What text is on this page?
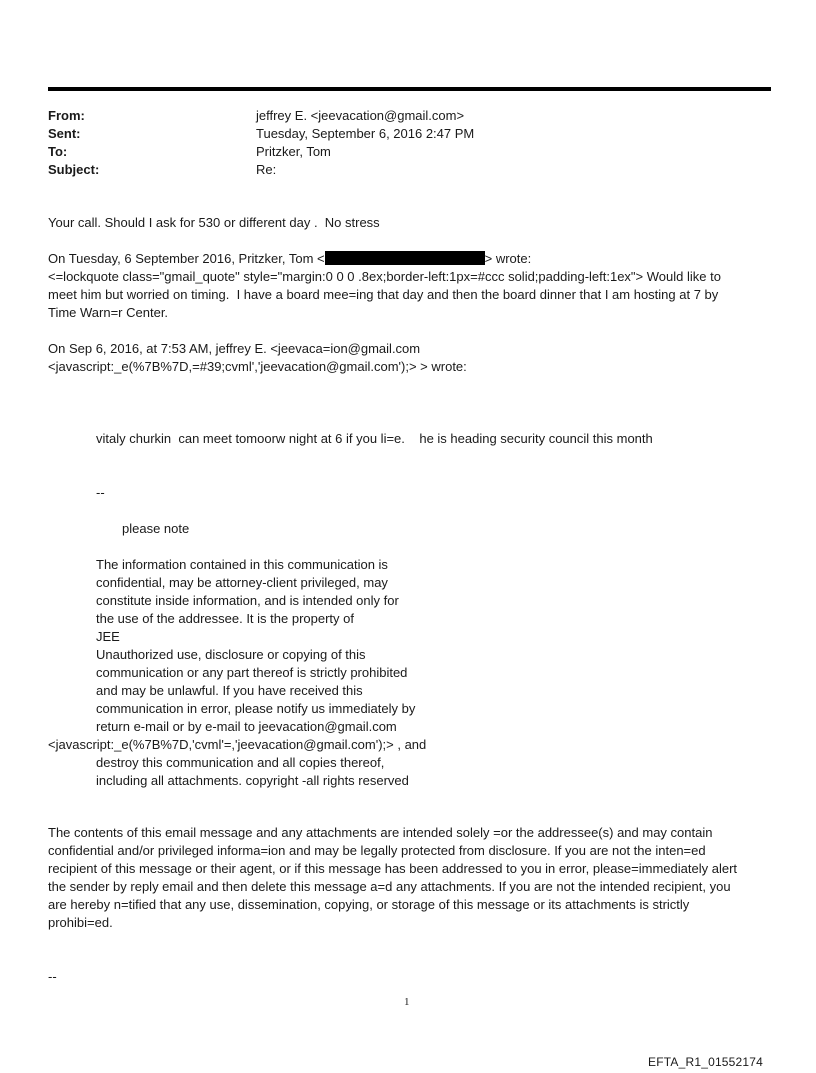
From:	jeffrey E. <jeevacation@gmail.com>
Sent:	Tuesday, September 6, 2016 2:47 PM
To:	Pritzker, Tom
Subject:	Re:

Your call. Should I ask for 530 or different day .  No stress

On Tuesday, 6 September 2016, Pritzker, Tom <	> wrote:

<=lockquote class="gmail_quote" style="margin:0 0 0 .8ex;border-left:1px=#ccc solid;padding-left:1ex"> Would like to
meet him but worried on timing.  I have a board mee=ing that day and then the board dinner that I am hosting at 7 by
Time Warn=r Center.

On Sep 6, 2016, at 7:53 AM, jeffrey E. <jeevaca=ion@gmail.com
<javascript:_e(%7B%7D,=#39;cvml','jeevacation@gmail.com');> > wrote:

vitaly churkin  can meet tomoorw night at 6 if you li=e.    he is heading security council this month

--

please note

The information contained in this communication is
confidential, may be attorney-client privileged, may
constitute inside information, and is intended only for
the use of the addressee. It is the property of
JEE
Unauthorized use, disclosure or copying of this
communication or any part thereof is strictly prohibited
and may be unlawful. If you have received this
communication in error, please notify us immediately by
return e-mail or by e-mail to jeevacation@gmail.com

<javascript:_e(%7B%7D,'cvml'=,'jeevacation@gmail.com');> , and

destroy this communication and all copies thereof,
including all attachments. copyright -all rights reserved

The contents of this email message and any attachments are intended solely =or the addressee(s) and may contain
confidential and/or privileged informa=ion and may be legally protected from disclosure. If you are not the inten=ed
recipient of this message or their agent, or if this message has been addressed to you in error, please=immediately alert
the sender by reply email and then delete this message a=d any attachments. If you are not the intended recipient, you
are hereby n=tified that any use, dissemination, copying, or storage of this message or its attachments is strictly
prohibi=ed.

--

1
EFTA_R1_01552174
